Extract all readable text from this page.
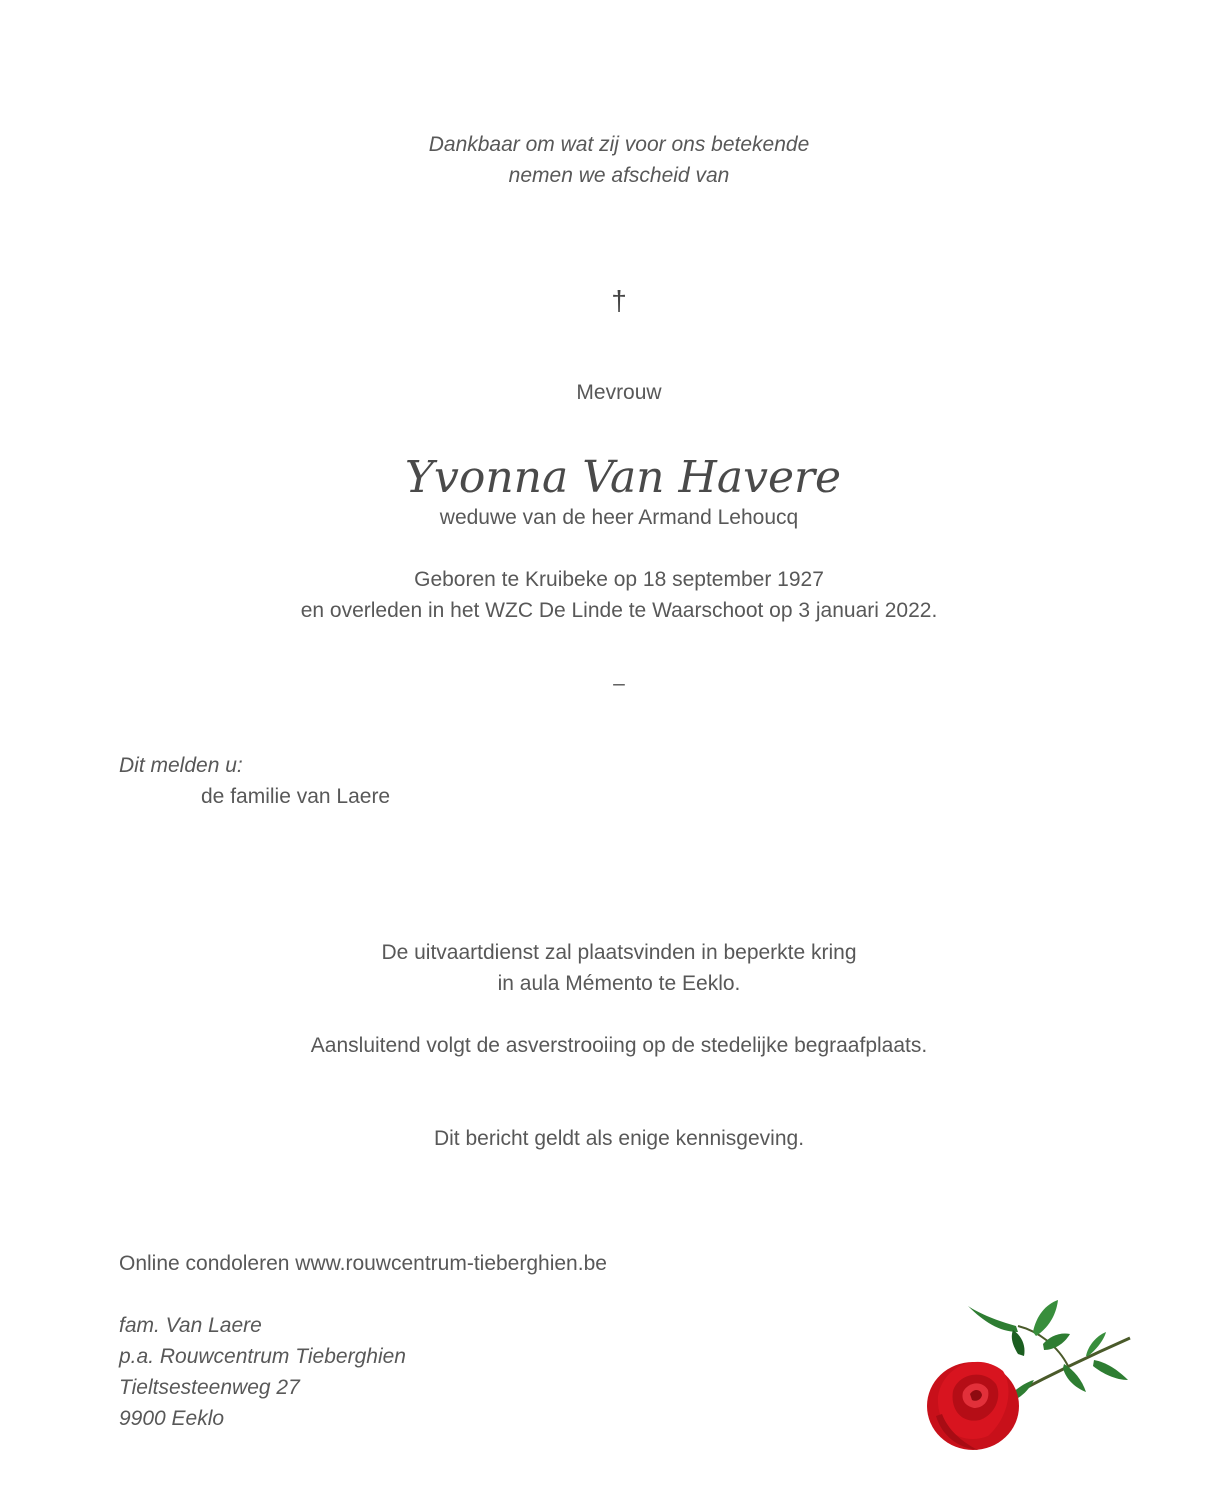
Dankbaar om wat zij voor ons betekende
nemen we afscheid van
†
Mevrouw
Yvonna Van Havere
weduwe van de heer Armand Lehoucq
Geboren te Kruibeke op 18 september 1927
en overleden in het WZC De Linde te Waarschoot op 3 januari 2022.
–
Dit melden u:
de familie van Laere
De uitvaartdienst zal plaatsvinden in beperkte kring
in aula Mémento te Eeklo.
Aansluitend volgt de asverstrooiing op de stedelijke begraafplaats.
Dit bericht geldt als enige kennisgeving.
Online condoleren www.rouwcentrum-tieberghien.be
fam. Van Laere
p.a. Rouwcentrum Tieberghien
Tieltsesteenweg 27
9900 Eeklo
